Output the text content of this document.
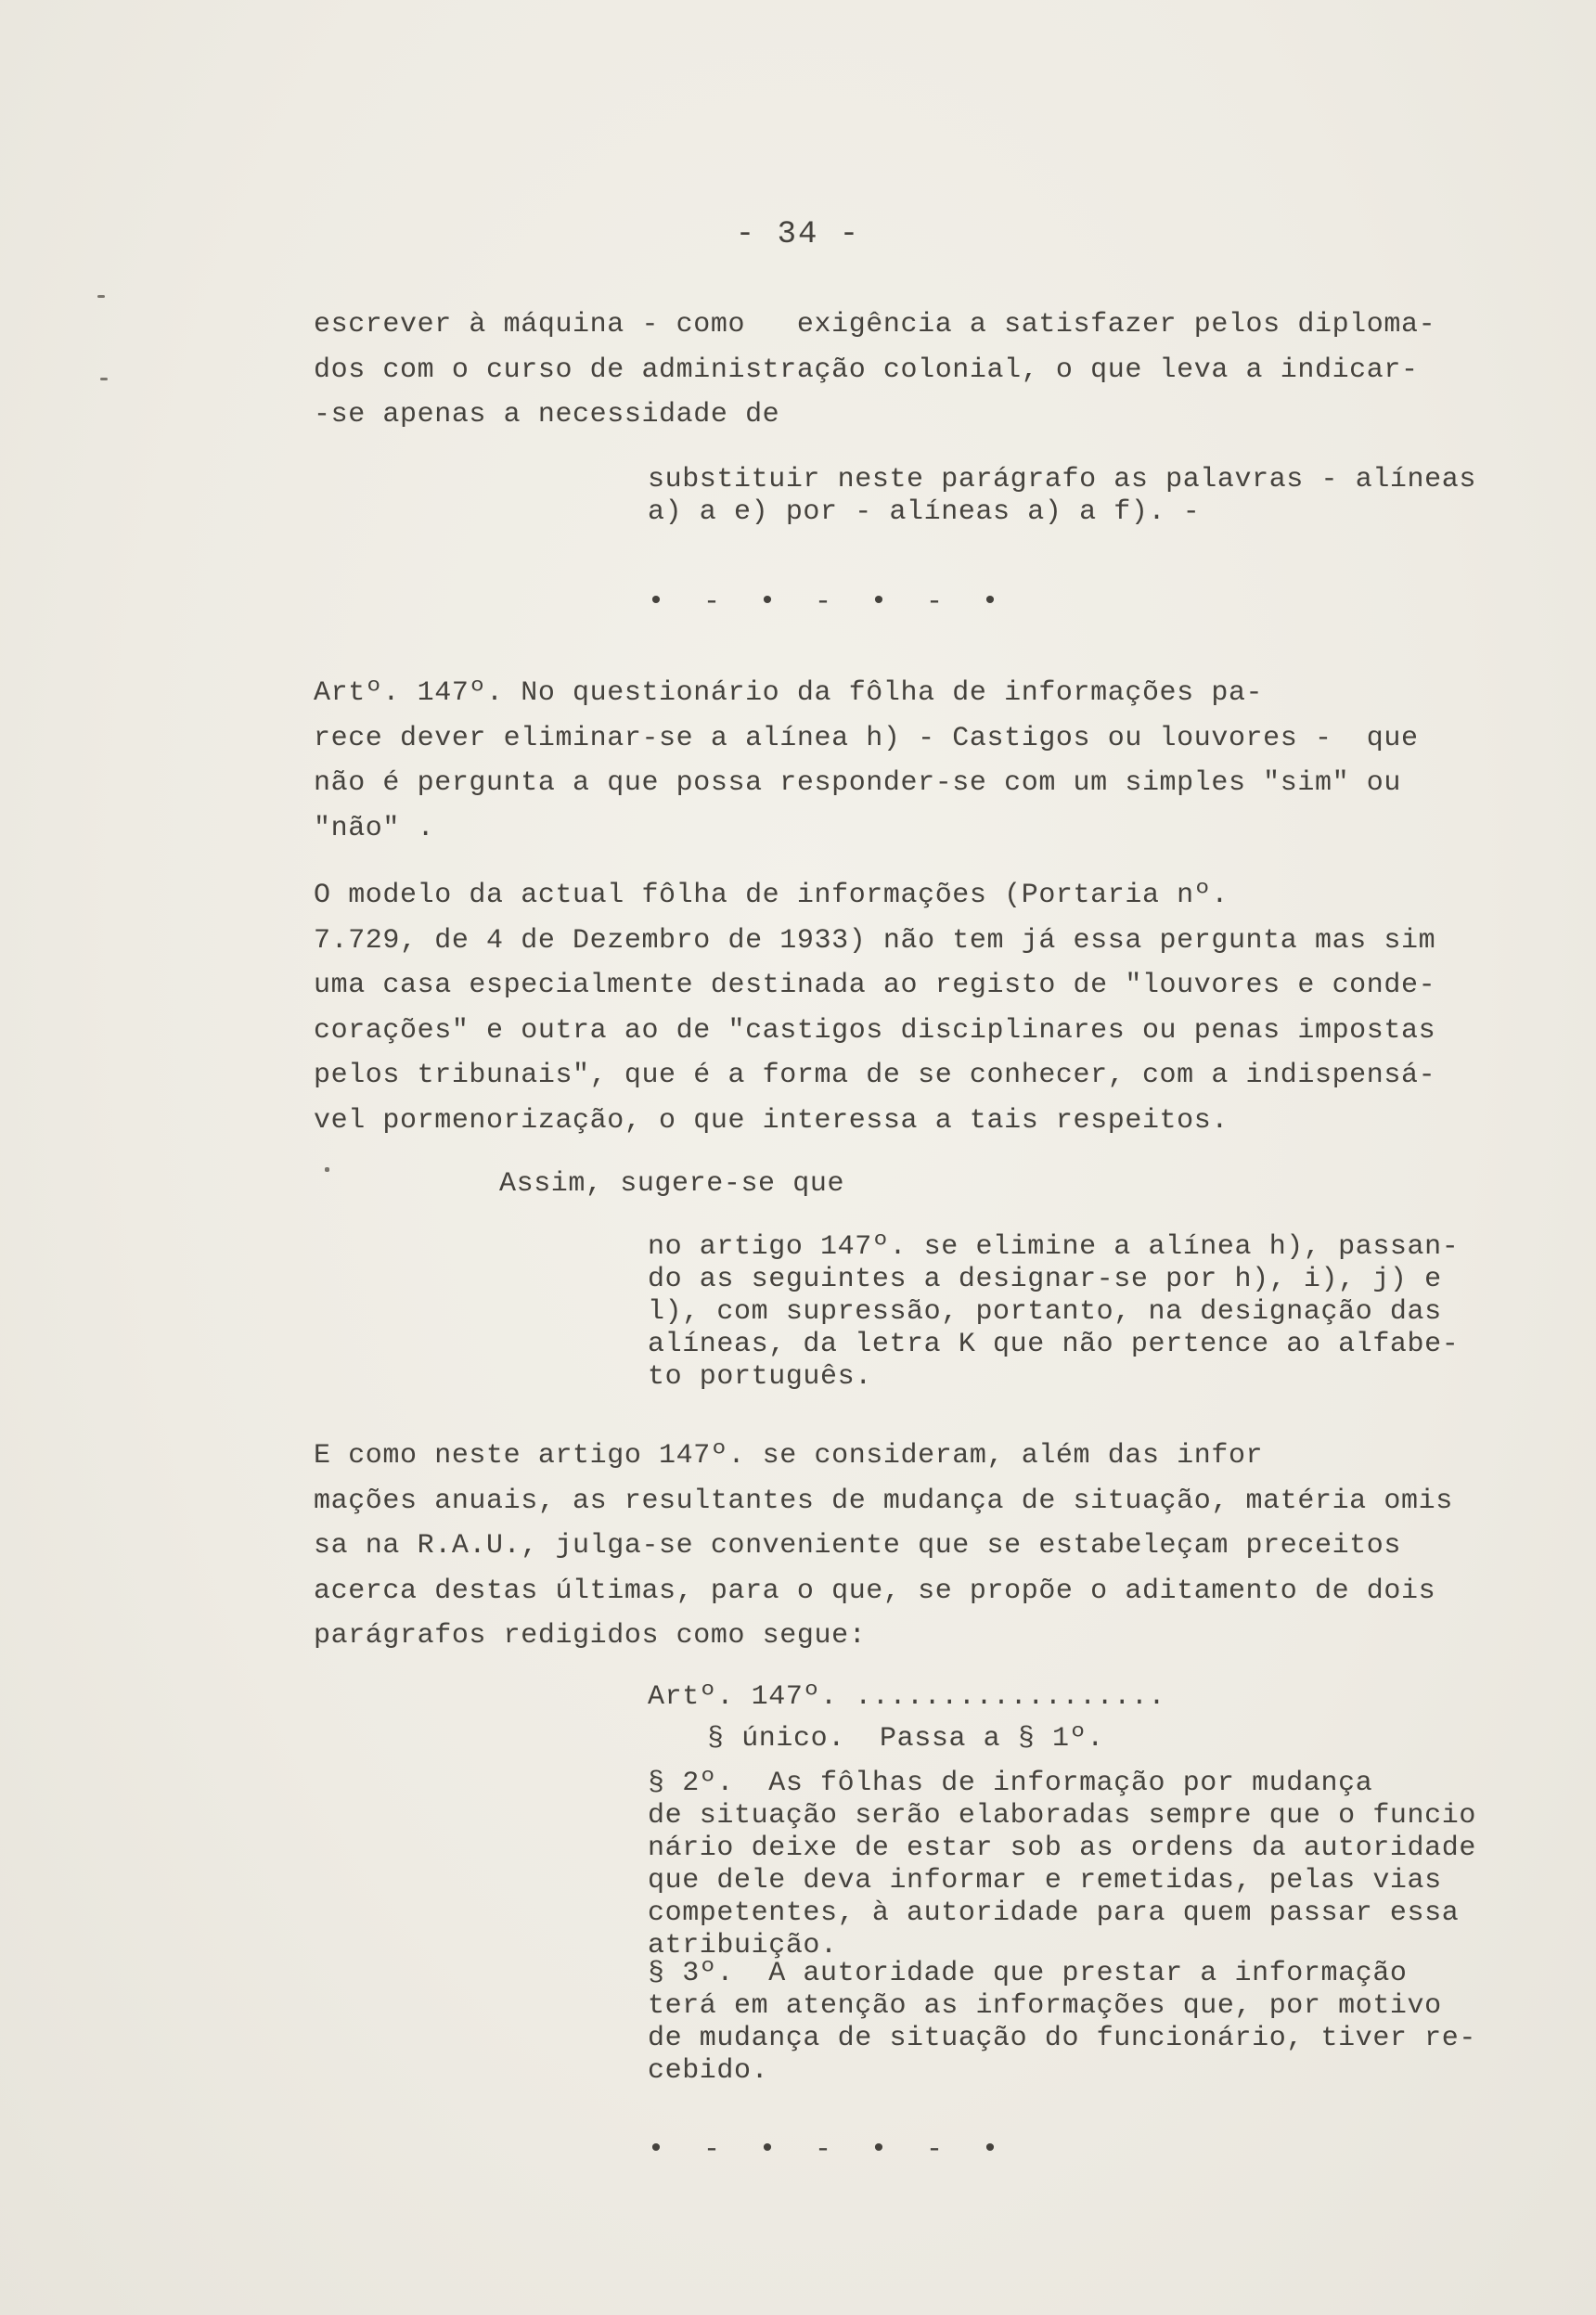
- 34 -
escrever à máquina - como   exigência a satisfazer pelos diploma-
dos com o curso de administração colonial, o que leva a indicar-
-se apenas a necessidade de
substituir neste parágrafo as palavras - alíneas
a) a e) por - alíneas a) a f). -
• - • - • - •
Artº. 147º. No questionário da fôlha de informações pa-
rece dever eliminar-se a alínea h) - Castigos ou louvores -  que
não é pergunta a que possa responder-se com um simples "sim" ou
"não" .
O modelo da actual fôlha de informações (Portaria nº.
7.729, de 4 de Dezembro de 1933) não tem já essa pergunta mas sim
uma casa especialmente destinada ao registo de "louvores e conde-
corações" e outra ao de "castigos disciplinares ou penas impostas
pelos tribunais", que é a forma de se conhecer, com a indispensá-
vel pormenorização, o que interessa a tais respeitos.
Assim, sugere-se que
no artigo 147º. se elimine a alínea h), passan-
do as seguintes a designar-se por h), i), j) e
l), com supressão, portanto, na designação das
alíneas, da letra K que não pertence ao alfabe-
to português.
E como neste artigo 147º. se consideram, além das infor
mações anuais, as resultantes de mudança de situação, matéria omis
sa na R.A.U., julga-se conveniente que se estabeleçam preceitos
acerca destas últimas, para o que, se propõe o aditamento de dois
parágrafos redigidos como segue:
Artº. 147º. ..................
§ único.  Passa a § 1º.
§ 2º.  As fôlhas de informação por mudança
de situação serão elaboradas sempre que o funcio
nário deixe de estar sob as ordens da autoridade
que dele deva informar e remetidas, pelas vias
competentes, à autoridade para quem passar essa
atribuição.
§ 3º.  A autoridade que prestar a informação
terá em atenção as informações que, por motivo
de mudança de situação do funcionário, tiver re-
cebido.
• - • - • - •
